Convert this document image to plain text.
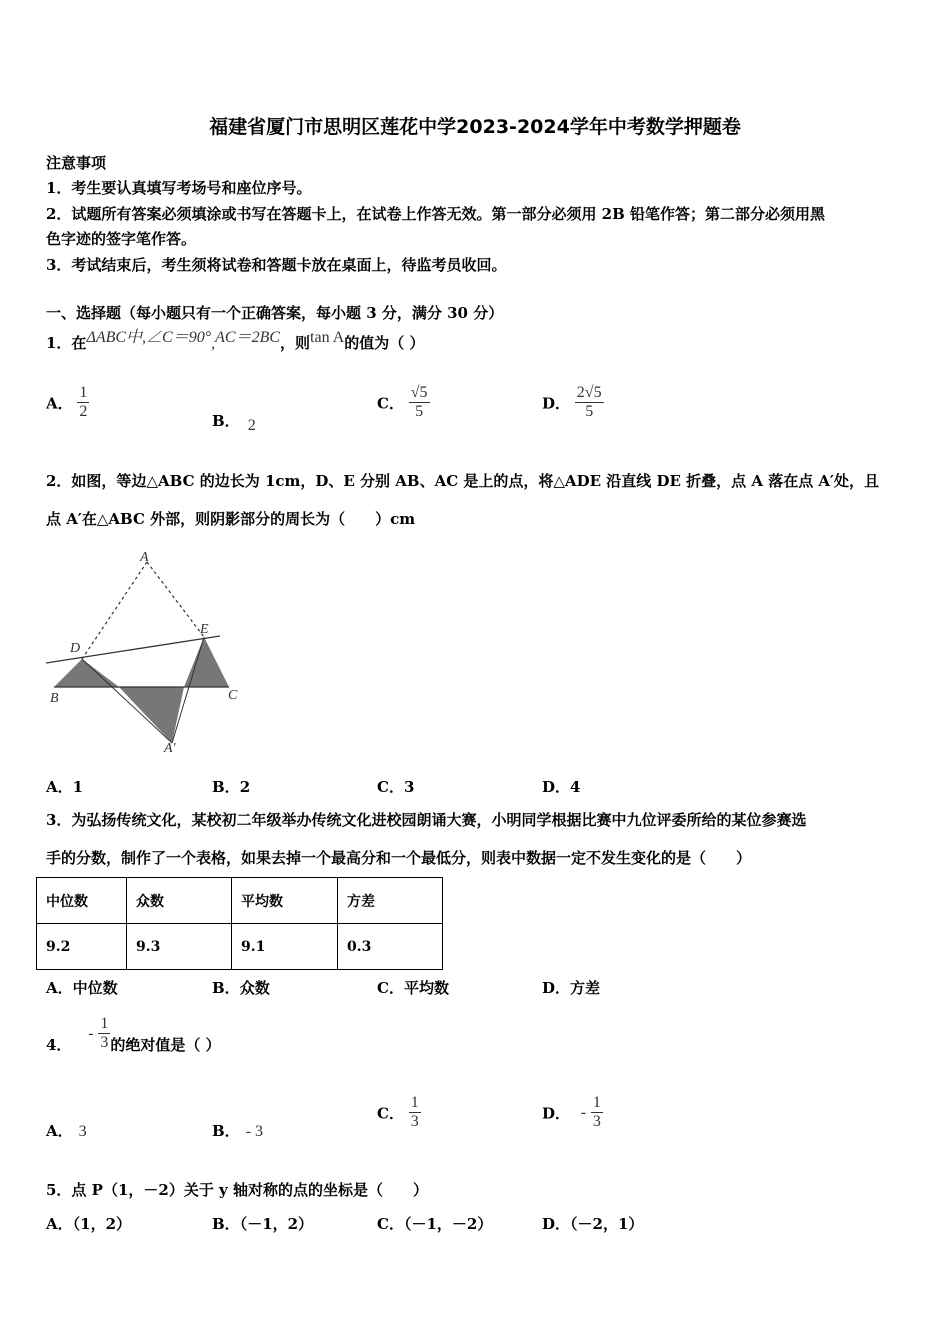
福建省厦门市思明区莲花中学2023-2024学年中考数学押题卷
注意事项
1．考生要认真填写考场号和座位序号。
2．试题所有答案必须填涂或书写在答题卡上，在试卷上作答无效。第一部分必须用 2B 铅笔作答；第二部分必须用黑
色字迹的签字笔作答。
3．考试结束后，考生须将试卷和答题卡放在桌面上，待监考员收回。
一、选择题（每小题只有一个正确答案，每小题 3 分，满分 30 分）
1．在ΔABC中,∠C＝90°,AC＝2BC，则tan A的值为（ ）
A． $\frac{1}{2}$	B． 2
C． $\frac{√5}{5}$	D． $\frac{2√5}{5}$
2．如图，等边△ABC 的边长为 1cm，D、E 分别 AB、AC 是上的点，将△ADE 沿直线 DE 折叠，点 A 落在点 A′处，且
点 A′在△ABC 外部，则阴影部分的周长为（　　）cm
A
D
E
B	C
A′
A．1	B．2	C．3	D．4
3．为弘扬传统文化，某校初二年级举办传统文化进校园朗诵大赛，小明同学根据比赛中九位评委所给的某位参赛选
手的分数，制作了一个表格，如果去掉一个最高分和一个最低分，则表中数据一定不发生变化的是（　　）
中位数	众数	平均数	方差
9.2	9.3	9.1	0.3
A．中位数	B．众数	C．平均数	D．方差
4． - $\frac{1}{3}$ 的绝对值是（ ）
A． 3	B． - 3
C． $\frac{1}{3}$	D． - $\frac{1}{3}$
5．点 P（1，－2）关于 y 轴对称的点的坐标是（　　）
A．（1，2）	B．（－1，2）	C．（－1，－2）	D．（－2，1）
